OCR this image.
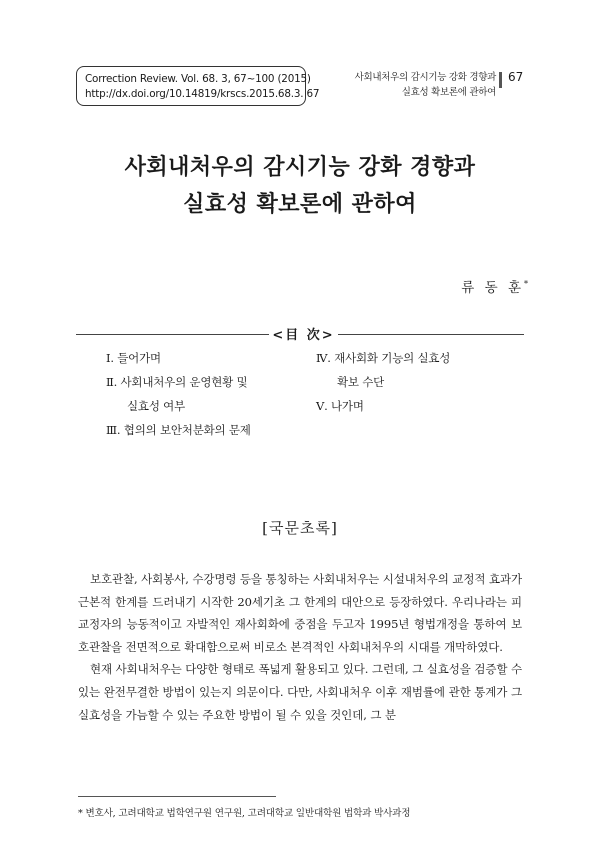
Correction Review. Vol. 68. 3, 67~100 (2015)
http://dx.doi.org/10.14819/krscs.2015.68.3. 67
사회내처우의 감시기능 강화 경향과
실효성 확보론에 관하여
67
사회내처우의 감시기능 강화 경향과
실효성 확보론에 관하여
류 동 훈*
<目 次>
Ⅰ. 들어가며
Ⅱ. 사회내처우의 운영현황 및
실효성 여부
Ⅲ. 협의의 보안처분화의 문제
Ⅳ. 재사회화 기능의 실효성
확보 수단
Ⅴ. 나가며
[국문초록]

보호관찰, 사회봉사, 수강명령 등을 통칭하는 사회내처우는 시설내처우의 교정적 효과가 근본적 한계를 드러내기 시작한 20세기초 그 한계의 대안으로 등장하였다. 우리나라는 피교정자의 능동적이고 자발적인 재사회화에 중점을 두고자 1995년 형법개정을 통하여 보호관찰을 전면적으로 확대함으로써 비로소 본격적인 사회내처우의 시대를 개막하였다.

현재 사회내처우는 다양한 형태로 폭넓게 활용되고 있다. 그런데, 그 실효성을 검증할 수 있는 완전무결한 방법이 있는지 의문이다. 다만, 사회내처우 이후 재범률에 관한 통계가 그 실효성을 가늠할 수 있는 주요한 방법이 될 수 있을 것인데, 그 분

* 변호사, 고려대학교 법학연구원 연구원, 고려대학교 일반대학원 법학과 박사과정
